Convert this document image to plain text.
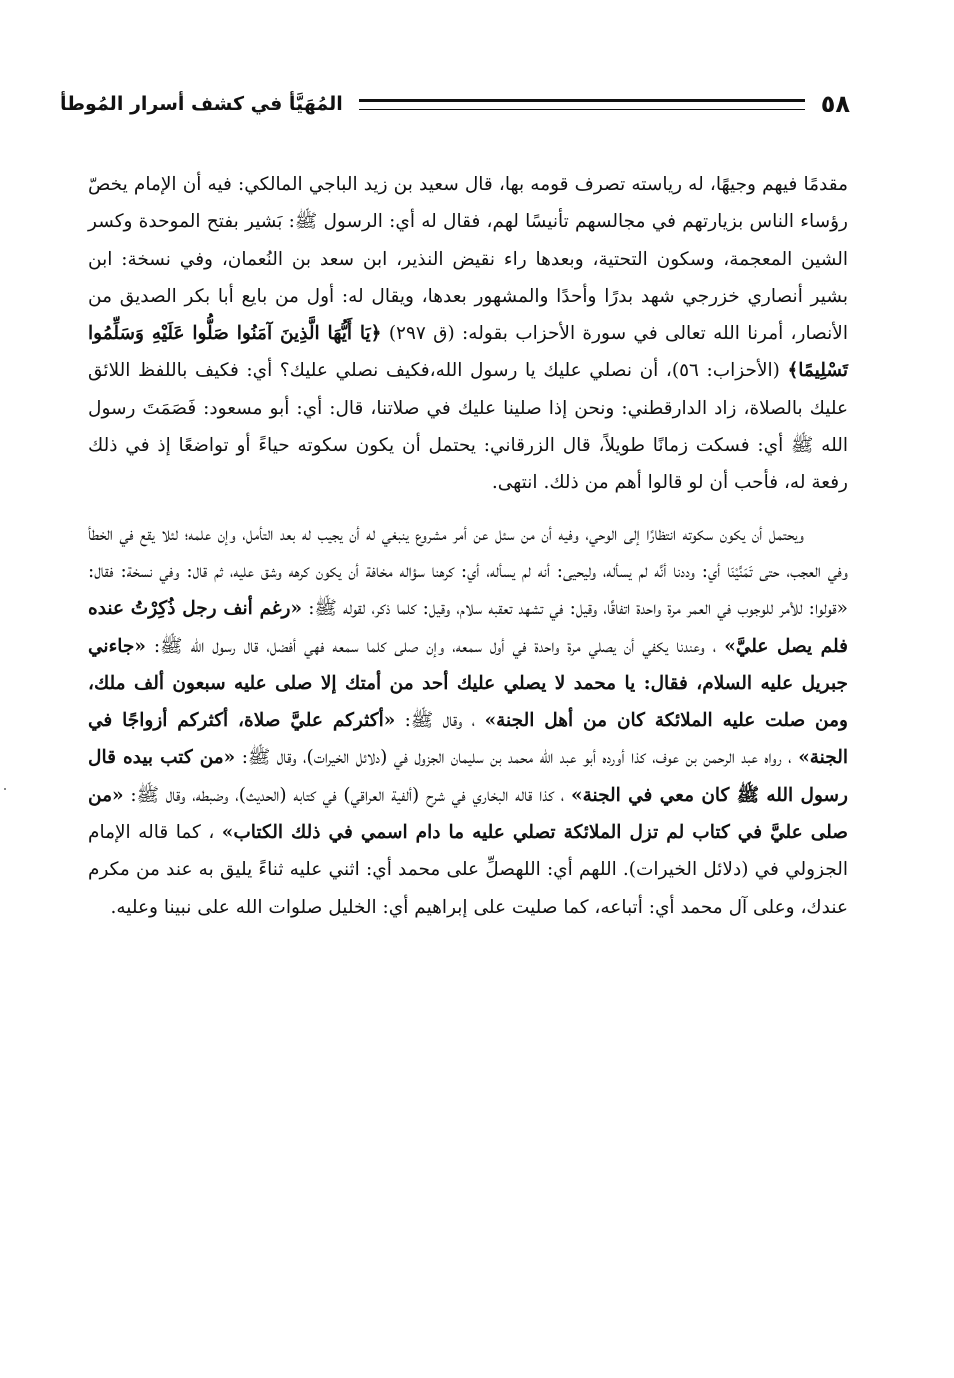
٥٨
المُهَيَّأ في كشف أسرار المُوطأ

مقدمًا فيهم وجيهًا، له رياسته تصرف قومه بها، قال سعيد بن زيد الباجي المالكي: فيه أن الإمام يخصّ رؤساء الناس بزيارتهم في مجالسهم تأنيسًا لهم، فقال له أي: الرسول ﷺ: بَشير بفتح الموحدة وكسر الشين المعجمة، وسكون التحتية، وبعدها راء نقيض النذير، ابن سعد بن النُعمان، وفي نسخة: ابن بشير أنصاري خزرجي شهد بدرًا وأحدًا والمشهور بعدها، ويقال له: أول من بايع أبا بكر الصديق من الأنصار، أمرنا الله تعالى في سورة الأحزاب بقوله: (ق ٢٩٧) ﴿يَا أَيُّهَا الَّذِينَ آمَنُوا صَلُّوا عَلَيْهِ وَسَلِّمُوا تَسْلِيمًا﴾ (الأحزاب: ٥٦)، أن نصلي عليك يا رسول الله،فكيف نصلي عليك؟ أي: فكيف باللفظ اللائق عليك بالصلاة، زاد الدارقطني: ونحن إذا صلينا عليك في صلاتنا، قال: أي: أبو مسعود: فَصَمَتَ رسول الله ﷺ أي: فسكت زمانًا طويلاً، قال الزرقاني: يحتمل أن يكون سكوته حياءً أو تواضعًا إذ في ذلك رفعة له، فأحب أن لو قالوا أهم من ذلك. انتهى.

ويحتمل أن يكون سكوته انتظارًا إلى الوحي، وفيه أن من سئل عن أمر مشروع ينبغي له أن يجيب له بعد التأمل، وإن علمه؛ لئلا يقع في الخطأ وفي العجب، حتى تَمَنَّيْنَا أي: وددنا أنَّه لم يسأله، وليحيى: أنه لم يسأله، أي: كرهنا سؤاله مخافة أن يكون كرهه وشق عليه، ثم قال: وفي نسخة: فقال: «قولوا: للأمر للوجوب في العمر مرة واحدة اتفاقًا، وقيل: في تشهد تعقبه سلام، وقيل: كلما ذكر، لقوله ﷺ: «رغم أنف رجل ذُكِرْتُ عنده فلم يصل عليَّ» ، وعندنا يكفي أن يصلي مرة واحدة في أول سمعه، وإن صلى كلما سمعه فهي أفضل، قال رسول الله ﷺ: «جاءني جبريل عليه السلام، فقال: يا محمد لا يصلي عليك أحد من أمتك إلا صلى عليه سبعون ألف ملك، ومن صلت عليه الملائكة كان من أهل الجنة» ، وقال ﷺ: «أكثركم عليَّ صلاة، أكثركم أزواجًا في الجنة» ، رواه عبد الرحمن بن عوف، كذا أورده أبو عبد الله محمد بن سليمان الجزول في (دلائل الخيرات)، وقال ﷺ: «من كتب بيده قال رسول الله ﷺ كان معي في الجنة» ، كذا قاله البخاري في شرح (ألفية العراقي) في كتابه (الحديث)، وضبطه، وقال ﷺ: «من صلى عليَّ في كتاب لم تزل الملائكة تصلي عليه ما دام اسمي في ذلك الكتاب» ، كما قاله الإمام الجزولي في (دلائل الخيرات). اللهم أي: اللهصلِّ على محمد أي: اثني عليه ثناءً يليق به عند من مكرم عندك، وعلى آل محمد أي: أتباعه، كما صليت على إبراهيم أي: الخليل صلوات الله على نبينا وعليه.
